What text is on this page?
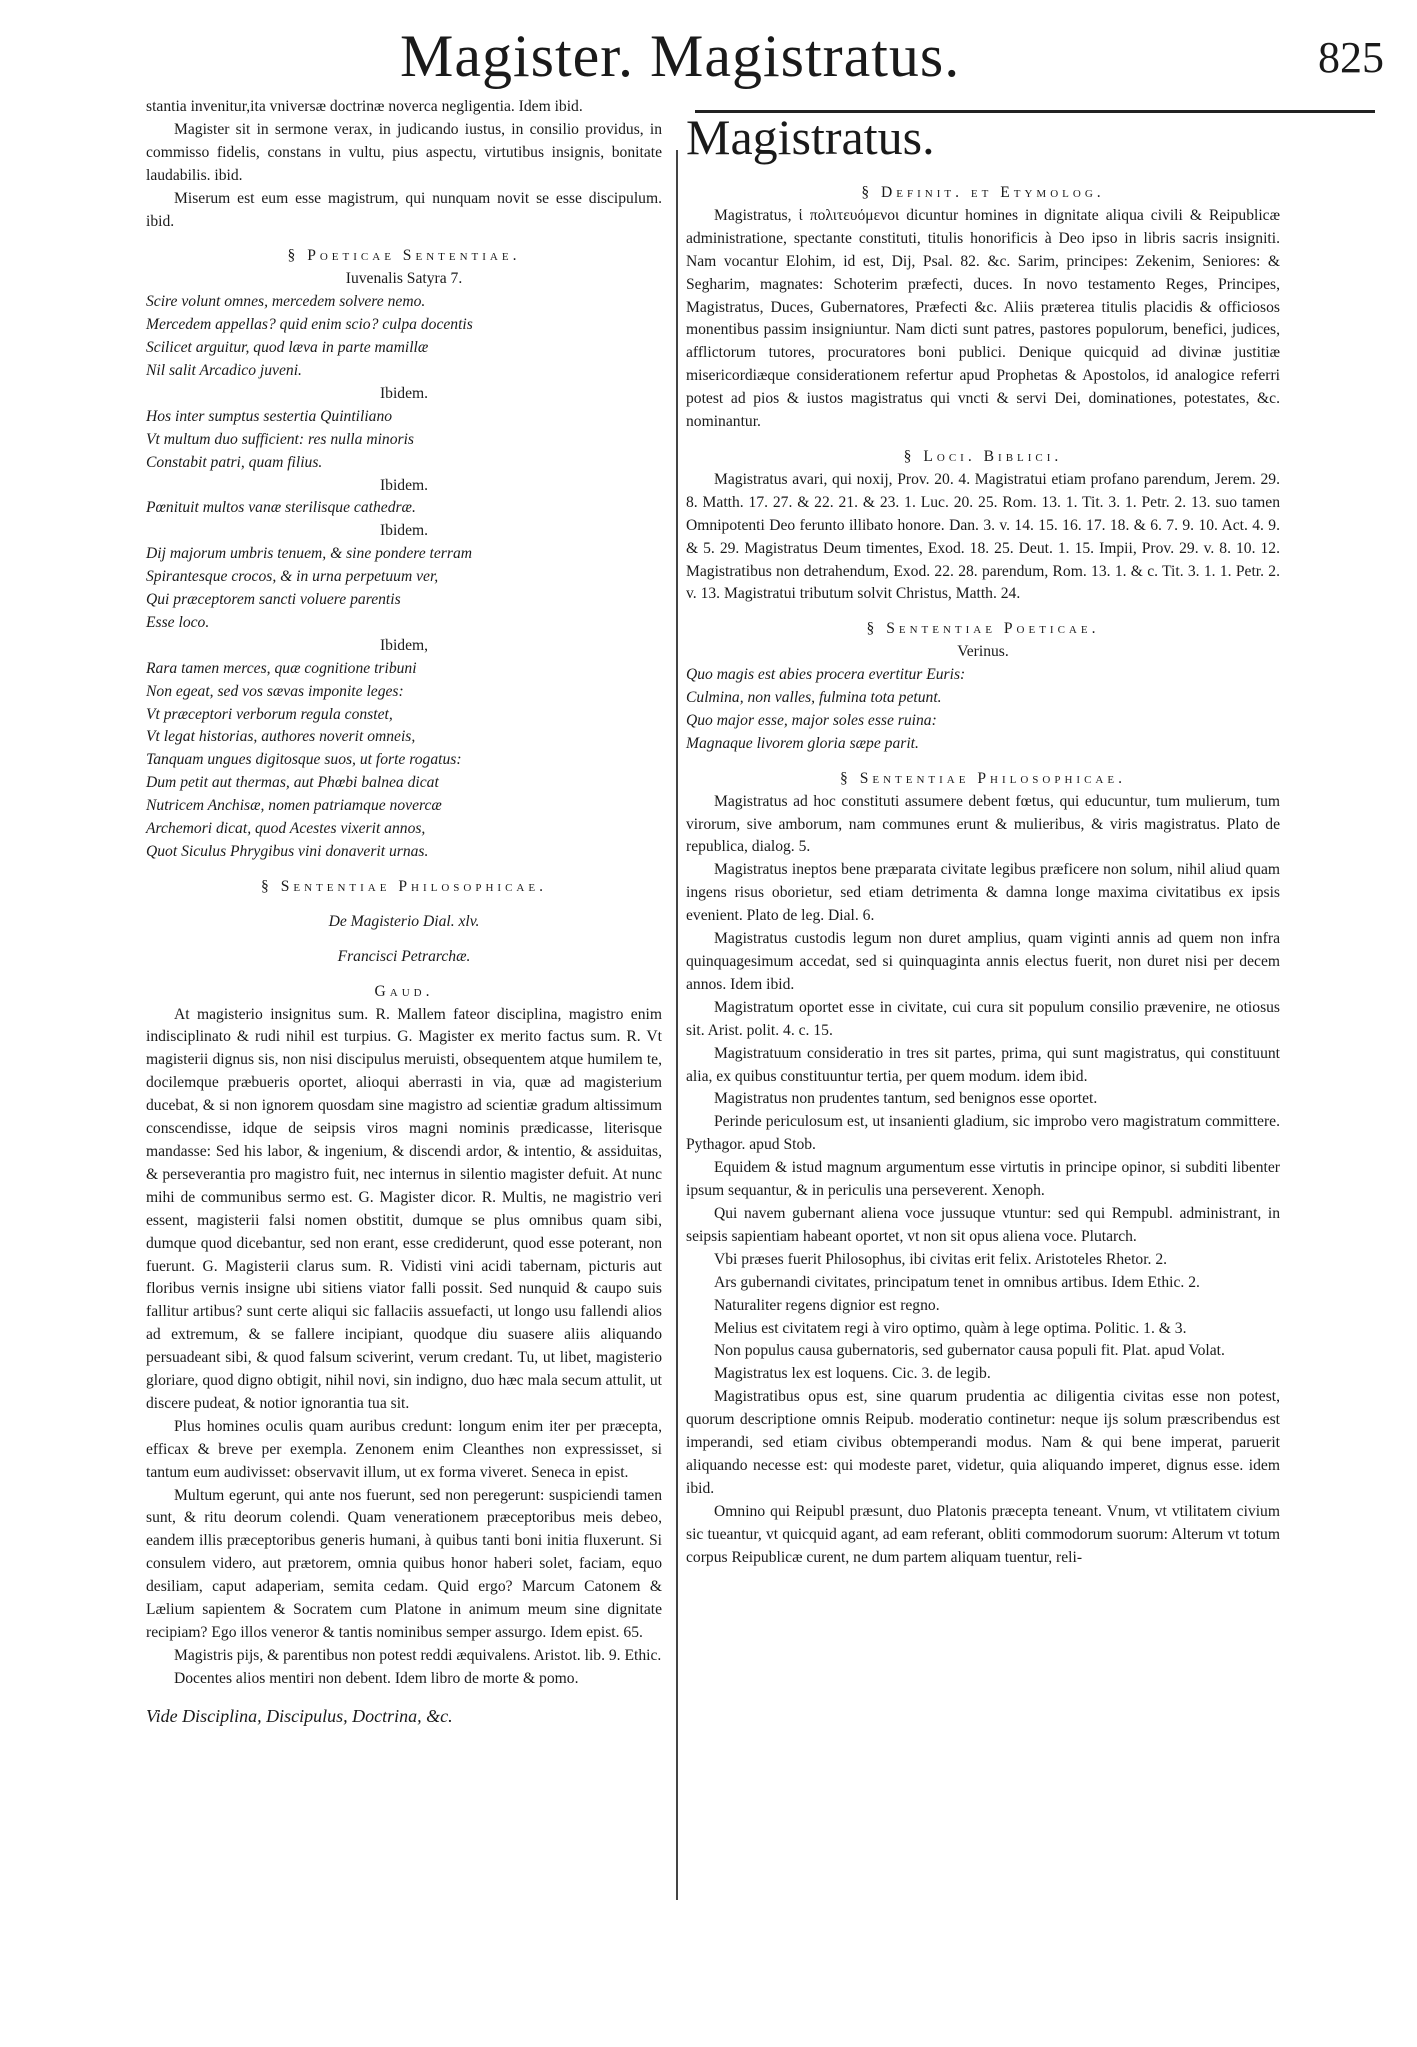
Magister. Magistratus.	825

stantia invenitur,ita vniversæ doctrinæ noverca negligentia. Idem ibid.

Magister sit in sermone verax, in judicando iustus, in consilio providus, in commisso fidelis, constans in vultu, pius aspectu, virtutibus insignis, bonitate laudabilis. ibid.

Miserum est eum esse magistrum, qui nunquam novit se esse discipulum. ibid.

§ Poeticae Sententiae.

Iuvenalis Satyra 7.

Scire volunt omnes, mercedem solvere nemo.

Mercedem appellas? quid enim scio? culpa docentis

Scilicet arguitur, quod læva in parte mamillæ

Nil salit Arcadico juveni.

Ibidem.

Hos inter sumptus sestertia Quintiliano

Vt multum duo sufficient: res nulla minoris

Constabit patri, quam filius.

Ibidem.

Pœnituit multos vanæ sterilisque cathedræ.

Ibidem.

Dij majorum umbris tenuem, & sine pondere terram

Spirantesque crocos, & in urna perpetuum ver,

Qui præceptorem sancti voluere parentis

Esse loco.

Ibidem,

Rara tamen merces, quæ cognitione tribuni

Non egeat, sed vos sævas imponite leges:

Vt præceptori verborum regula constet,

Vt legat historias, authores noverit omneis,

Tanquam ungues digitosque suos, ut forte rogatus:

Dum petit aut thermas, aut Phœbi balnea dicat

Nutricem Anchisæ, nomen patriamque novercæ

Archemori dicat, quod Acestes vixerit annos,

Quot Siculus Phrygibus vini donaverit urnas.

§ Sententiae Philosophicae.

De Magisterio Dial. xlv.

Francisci Petrarchæ.

Gaud.

At magisterio insignitus sum. R. Mallem fateor disciplina, magistro enim indisciplinato & rudi nihil est turpius. G. Magister ex merito factus sum. R. Vt magisterii dignus sis, non nisi discipulus meruisti, obsequentem atque humilem te, docilemque præbueris oportet, alioqui aberrasti in via, quæ ad magisterium ducebat, & si non ignorem quosdam sine magistro ad scientiæ gradum altissimum conscendisse, idque de seipsis viros magni nominis prædicasse, literisque mandasse: Sed his labor, & ingenium, & discendi ardor, & intentio, & assiduitas, & perseverantia pro magistro fuit, nec internus in silentio magister defuit. At nunc mihi de communibus sermo est. G. Magister dicor. R. Multis, ne magistrio veri essent, magisterii falsi nomen obstitit, dumque se plus omnibus quam sibi, dumque quod dicebantur, sed non erant, esse crediderunt, quod esse poterant, non fuerunt. G. Magisterii clarus sum. R. Vidisti vini acidi tabernam, picturis aut floribus vernis insigne ubi sitiens viator falli possit. Sed nunquid & caupo suis fallitur artibus? sunt certe aliqui sic fallaciis assuefacti, ut longo usu fallendi alios ad extremum, & se fallere incipiant, quodque diu suasere aliis aliquando persuadeant sibi, & quod falsum sciverint, verum credant. Tu, ut libet, magisterio gloriare, quod digno obtigit, nihil novi, sin indigno, duo hæc mala secum attulit, ut discere pudeat, & notior ignorantia tua sit.

Plus homines oculis quam auribus credunt: longum enim iter per præcepta, efficax & breve per exempla. Zenonem enim Cleanthes non expressisset, si tantum eum audivisset: observavit illum, ut ex forma viveret. Seneca in epist.

Multum egerunt, qui ante nos fuerunt, sed non peregerunt: suspiciendi tamen sunt, & ritu deorum colendi. Quam venerationem præceptoribus meis debeo, eandem illis præceptoribus generis humani, à quibus tanti boni initia fluxerunt. Si consulem videro, aut prætorem, omnia quibus honor haberi solet, faciam, equo desiliam, caput adaperiam, semita cedam. Quid ergo? Marcum Catonem & Lælium sapientem & Socratem cum Platone in animum meum sine dignitate recipiam? Ego illos veneror & tantis nominibus semper assurgo. Idem epist. 65.

Magistris pijs, & parentibus non potest reddi æquivalens. Aristot. lib. 9. Ethic.

Docentes alios mentiri non debent. Idem libro de morte & pomo.

Vide Disciplina, Discipulus, Doctrina, &c.

Magistratus.

§ Definit. et Etymolog.

Magistratus, ἱ πολιτευόμενοι dicuntur homines in dignitate aliqua civili & Reipublicæ administratione, spectante constituti, titulis honorificis à Deo ipso in libris sacris insigniti. Nam vocantur Elohim, id est, Dij, Psal. 82. &c. Sarim, principes: Zekenim, Seniores: & Segharim, magnates: Schoterim præfecti, duces. In novo testamento Reges, Principes, Magistratus, Duces, Gubernatores, Præfecti &c. Aliis præterea titulis placidis & officiosos monentibus passim insigniuntur. Nam dicti sunt patres, pastores populorum, benefici, judices, afflictorum tutores, procuratores boni publici. Denique quicquid ad divinæ justitiæ misericordiæque considerationem refertur apud Prophetas & Apostolos, id analogice referri potest ad pios & iustos magistratus qui vncti & servi Dei, dominationes, potestates, &c. nominantur.

§ Loci. Biblici.

Magistratus avari, qui noxij, Prov. 20. 4. Magistratui etiam profano parendum, Jerem. 29. 8. Matth. 17. 27. & 22. 21. & 23. 1. Luc. 20. 25. Rom. 13. 1. Tit. 3. 1. Petr. 2. 13. suo tamen Omnipotenti Deo ferunto illibato honore. Dan. 3. v. 14. 15. 16. 17. 18. & 6. 7. 9. 10. Act. 4. 9. & 5. 29. Magistratus Deum timentes, Exod. 18. 25. Deut. 1. 15. Impii, Prov. 29. v. 8. 10. 12. Magistratibus non detrahendum, Exod. 22. 28. parendum, Rom. 13. 1. & c. Tit. 3. 1. 1. Petr. 2. v. 13. Magistratui tributum solvit Christus, Matth. 24.

§ Sententiae Poeticae.

Verinus.

Quo magis est abies procera evertitur Euris:

Culmina, non valles, fulmina tota petunt.

Quo major esse, major soles esse ruina:

Magnaque livorem gloria sæpe parit.

§ Sententiae Philosophicae.

Magistratus ad hoc constituti assumere debent fœtus, qui educuntur, tum mulierum, tum virorum, sive amborum, nam communes erunt & mulieribus, & viris magistratus. Plato de republica, dialog. 5.

Magistratus ineptos bene præparata civitate legibus præficere non solum, nihil aliud quam ingens risus oborietur, sed etiam detrimenta & damna longe maxima civitatibus ex ipsis evenient. Plato de leg. Dial. 6.

Magistratus custodis legum non duret amplius, quam viginti annis ad quem non infra quinquagesimum accedat, sed si quinquaginta annis electus fuerit, non duret nisi per decem annos. Idem ibid.

Magistratum oportet esse in civitate, cui cura sit populum consilio prævenire, ne otiosus sit. Arist. polit. 4. c. 15.

Magistratuum consideratio in tres sit partes, prima, qui sunt magistratus, qui constituunt alia, ex quibus constituuntur tertia, per quem modum. idem ibid.

Magistratus non prudentes tantum, sed benignos esse oportet.

Perinde periculosum est, ut insanienti gladium, sic improbo vero magistratum committere. Pythagor. apud Stob.

Equidem & istud magnum argumentum esse virtutis in principe opinor, si subditi libenter ipsum sequantur, & in periculis una perseverent. Xenoph.

Qui navem gubernant aliena voce jussuque vtuntur: sed qui Rempubl. administrant, in seipsis sapientiam habeant oportet, vt non sit opus aliena voce. Plutarch.

Vbi præses fuerit Philosophus, ibi civitas erit felix. Aristoteles Rhetor. 2.

Ars gubernandi civitates, principatum tenet in omnibus artibus. Idem Ethic. 2.

Naturaliter regens dignior est regno.

Melius est civitatem regi à viro optimo, quàm à lege optima. Politic. 1. & 3.

Non populus causa gubernatoris, sed gubernator causa populi fit. Plat. apud Volat.

Magistratus lex est loquens. Cic. 3. de legib.

Magistratibus opus est, sine quarum prudentia ac diligentia civitas esse non potest, quorum descriptione omnis Reipub. moderatio continetur: neque ijs solum præscribendus est imperandi, sed etiam civibus obtemperandi modus. Nam & qui bene imperat, paruerit aliquando necesse est: qui modeste paret, videtur, quia aliquando imperet, dignus esse. idem ibid.

Omnino qui Reipubl præsunt, duo Platonis præcepta teneant. Vnum, vt vtilitatem civium sic tueantur, vt quicquid agant, ad eam referant, obliti commodorum suorum: Alterum vt totum corpus Reipublicæ curent, ne dum partem aliquam tuentur, reli-
